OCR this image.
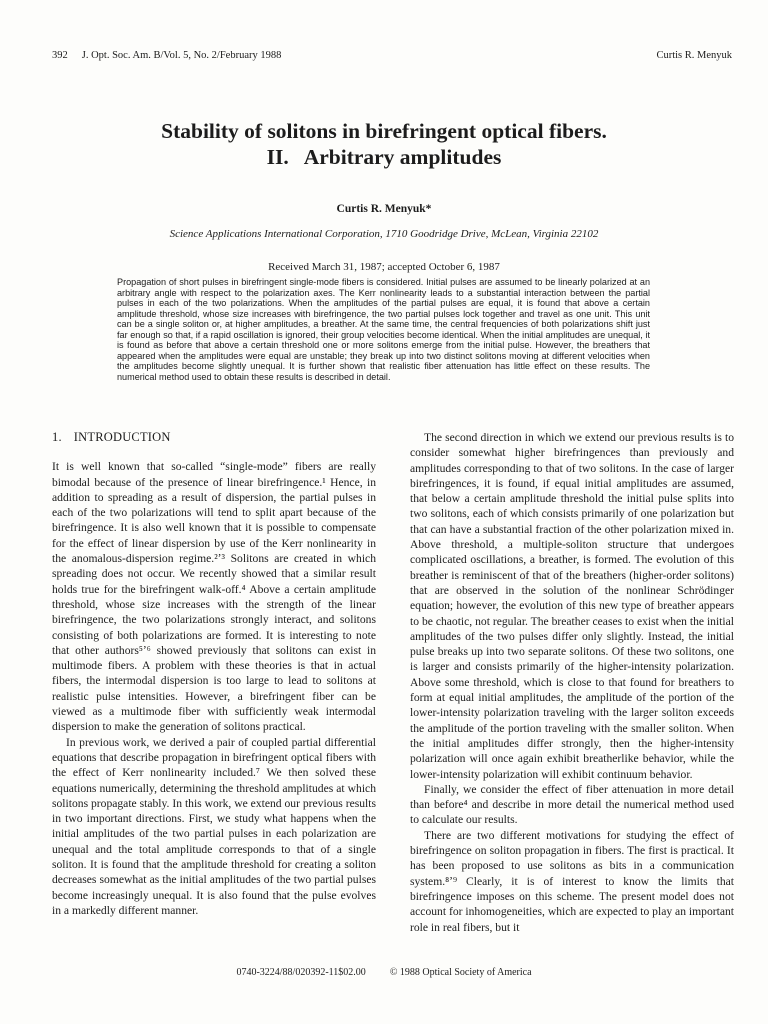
392 J. Opt. Soc. Am. B/Vol. 5, No. 2/February 1988	Curtis R. Menyuk
Stability of solitons in birefringent optical fibers.
II.   Arbitrary amplitudes
Curtis R. Menyuk*
Science Applications International Corporation, 1710 Goodridge Drive, McLean, Virginia 22102
Received March 31, 1987; accepted October 6, 1987
Propagation of short pulses in birefringent single-mode fibers is considered. Initial pulses are assumed to be linearly polarized at an arbitrary angle with respect to the polarization axes. The Kerr nonlinearity leads to a substantial interaction between the partial pulses in each of the two polarizations. When the amplitudes of the partial pulses are equal, it is found that above a certain amplitude threshold, whose size increases with birefringence, the two partial pulses lock together and travel as one unit. This unit can be a single soliton or, at higher amplitudes, a breather. At the same time, the central frequencies of both polarizations shift just far enough so that, if a rapid oscillation is ignored, their group velocities become identical. When the initial amplitudes are unequal, it is found as before that above a certain threshold one or more solitons emerge from the initial pulse. However, the breathers that appeared when the amplitudes were equal are unstable; they break up into two distinct solitons moving at different velocities when the amplitudes become slightly unequal. It is further shown that realistic fiber attenuation has little effect on these results. The numerical method used to obtain these results is described in detail.
1. INTRODUCTION

It is well known that so-called “single-mode” fibers are really bimodal because of the presence of linear birefringence.¹ Hence, in addition to spreading as a result of dispersion, the partial pulses in each of the two polarizations will tend to split apart because of the birefringence. It is also well known that it is possible to compensate for the effect of linear dispersion by use of the Kerr nonlinearity in the anomalous-dispersion regime.²ʼ³ Solitons are created in which spreading does not occur. We recently showed that a similar result holds true for the birefringent walk-off.⁴ Above a certain amplitude threshold, whose size increases with the strength of the linear birefringence, the two polarizations strongly interact, and solitons consisting of both polarizations are formed. It is interesting to note that other authors⁵ʼ⁶ showed previously that solitons can exist in multimode fibers. A problem with these theories is that in actual fibers, the intermodal dispersion is too large to lead to solitons at realistic pulse intensities. However, a birefringent fiber can be viewed as a multimode fiber with sufficiently weak intermodal dispersion to make the generation of solitons practical.

In previous work, we derived a pair of coupled partial differential equations that describe propagation in birefringent optical fibers with the effect of Kerr nonlinearity included.⁷ We then solved these equations numerically, determining the threshold amplitudes at which solitons propagate stably. In this work, we extend our previous results in two important directions. First, we study what happens when the initial amplitudes of the two partial pulses in each polarization are unequal and the total amplitude corresponds to that of a single soliton. It is found that the amplitude threshold for creating a soliton decreases somewhat as the initial amplitudes of the two partial pulses become increasingly unequal. It is also found that the pulse evolves in a markedly different manner.

The second direction in which we extend our previous results is to consider somewhat higher birefringences than previously and amplitudes corresponding to that of two solitons. In the case of larger birefringences, it is found, if equal initial amplitudes are assumed, that below a certain amplitude threshold the initial pulse splits into two solitons, each of which consists primarily of one polarization but that can have a substantial fraction of the other polarization mixed in. Above threshold, a multiple-soliton structure that undergoes complicated oscillations, a breather, is formed. The evolution of this breather is reminiscent of that of the breathers (higher-order solitons) that are observed in the solution of the nonlinear Schrödinger equation; however, the evolution of this new type of breather appears to be chaotic, not regular. The breather ceases to exist when the initial amplitudes of the two pulses differ only slightly. Instead, the initial pulse breaks up into two separate solitons. Of these two solitons, one is larger and consists primarily of the higher-intensity polarization. Above some threshold, which is close to that found for breathers to form at equal initial amplitudes, the amplitude of the portion of the lower-intensity polarization traveling with the larger soliton exceeds the amplitude of the portion traveling with the smaller soliton. When the initial amplitudes differ strongly, then the higher-intensity polarization will once again exhibit breatherlike behavior, while the lower-intensity polarization will exhibit continuum behavior.

Finally, we consider the effect of fiber attenuation in more detail than before⁴ and describe in more detail the numerical method used to calculate our results.

There are two different motivations for studying the effect of birefringence on soliton propagation in fibers. The first is practical. It has been proposed to use solitons as bits in a communication system.⁸ʼ⁹ Clearly, it is of interest to know the limits that birefringence imposes on this scheme. The present model does not account for inhomogeneities, which are expected to play an important role in real fibers, but it

0740-3224/88/020392-11$02.00 © 1988 Optical Society of America
